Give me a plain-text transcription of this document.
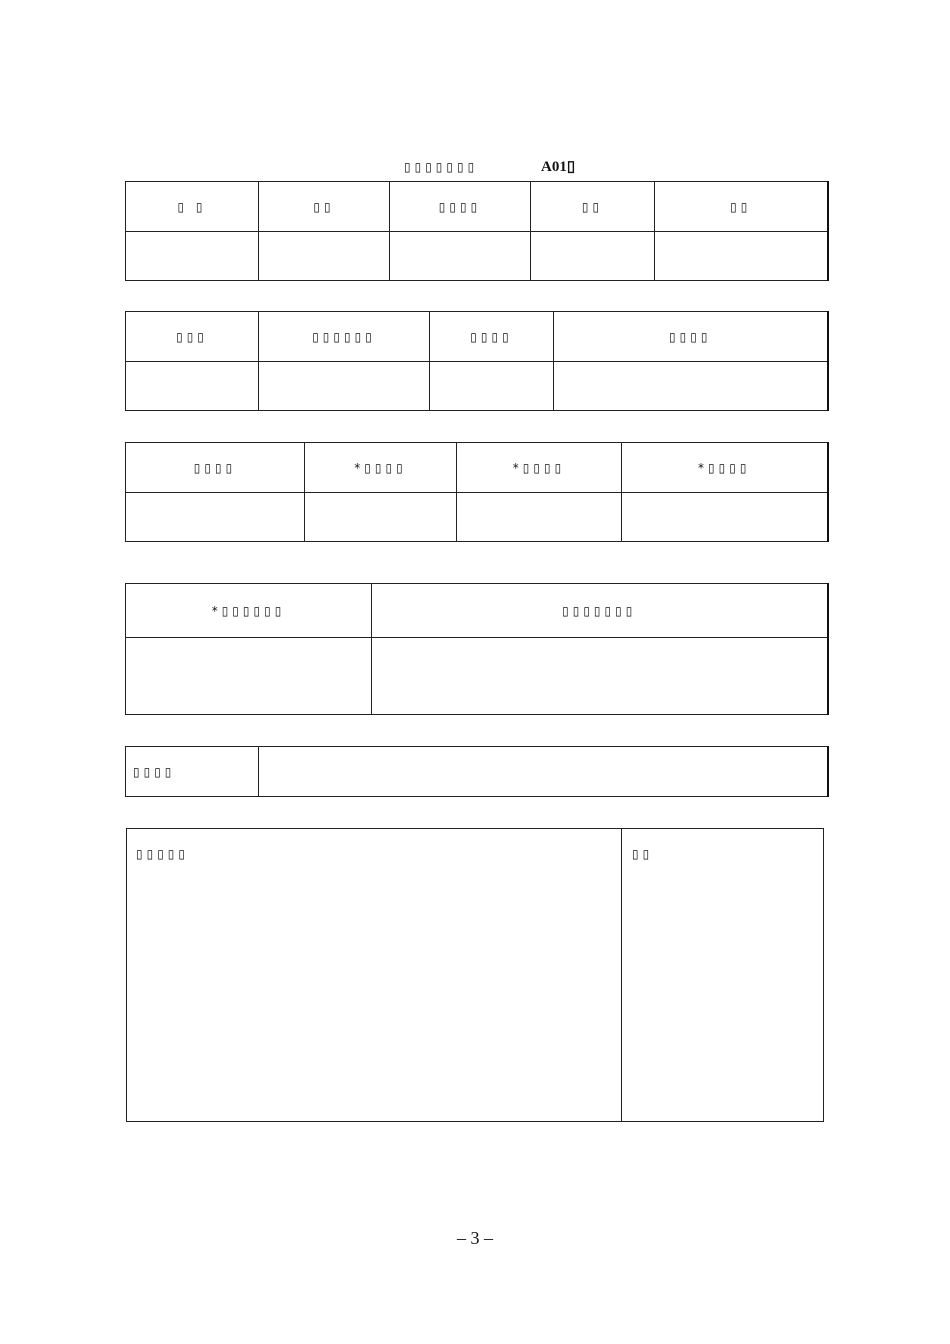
▯▯▯▯▯▯▯	A01▯
▯ ▯	▯▯	▯▯▯▯	▯▯	▯▯

▯▯▯	▯▯▯▯▯▯	▯▯▯▯	▯▯▯▯

▯▯▯▯	*▯▯▯▯	*▯▯▯▯	*▯▯▯▯

*▯▯▯▯▯▯	▯▯▯▯▯▯▯

▯▯▯▯	
▯▯▯▯▯	▯▯
– 3 –
